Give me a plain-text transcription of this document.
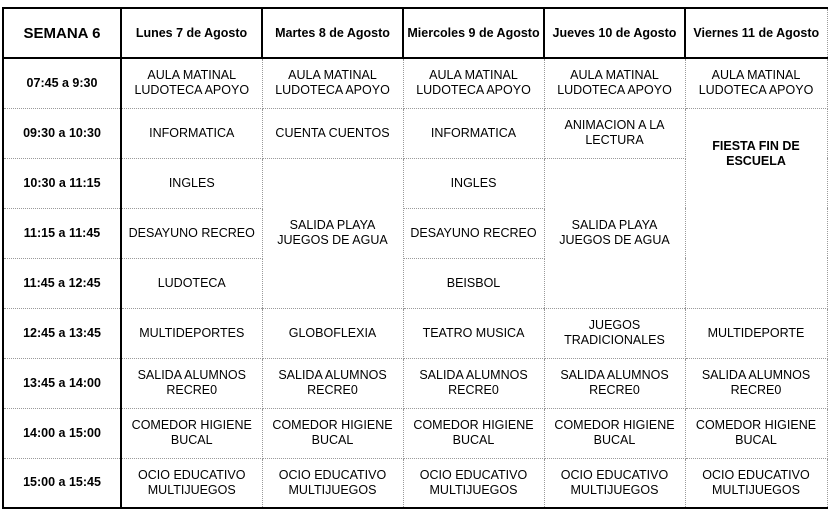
SEMANA 6	Lunes 7 de Agosto	Martes 8 de Agosto	Miercoles 9 de Agosto	Jueves 10 de Agosto	Viernes 11 de Agosto
07:45 a 9:30	AULA MATINAL LUDOTECA APOYO	AULA MATINAL LUDOTECA APOYO	AULA MATINAL LUDOTECA APOYO	AULA MATINAL LUDOTECA APOYO	AULA MATINAL LUDOTECA APOYO
09:30 a 10:30	INFORMATICA	CUENTA CUENTOS	INFORMATICA	ANIMACION A LA LECTURA	FIESTA FIN DE ESCUELA
10:30 a 11:15	INGLES	SALIDA PLAYA JUEGOS DE AGUA	INGLES	SALIDA PLAYA JUEGOS DE AGUA	
11:15 a 11:45	DESAYUNO RECREO		DESAYUNO RECREO		
11:45 a 12:45	LUDOTECA		BEISBOL		
12:45 a 13:45	MULTIDEPORTES	GLOBOFLEXIA	TEATRO MUSICA	JUEGOS TRADICIONALES	MULTIDEPORTE
13:45 a 14:00	SALIDA ALUMNOS RECRE0	SALIDA ALUMNOS RECRE0	SALIDA ALUMNOS RECRE0	SALIDA ALUMNOS RECRE0	SALIDA ALUMNOS RECRE0
14:00 a 15:00	COMEDOR HIGIENE BUCAL	COMEDOR HIGIENE BUCAL	COMEDOR HIGIENE BUCAL	COMEDOR HIGIENE BUCAL	COMEDOR HIGIENE BUCAL
15:00 a 15:45	OCIO EDUCATIVO MULTIJUEGOS	OCIO EDUCATIVO MULTIJUEGOS	OCIO EDUCATIVO MULTIJUEGOS	OCIO EDUCATIVO MULTIJUEGOS	OCIO EDUCATIVO MULTIJUEGOS
